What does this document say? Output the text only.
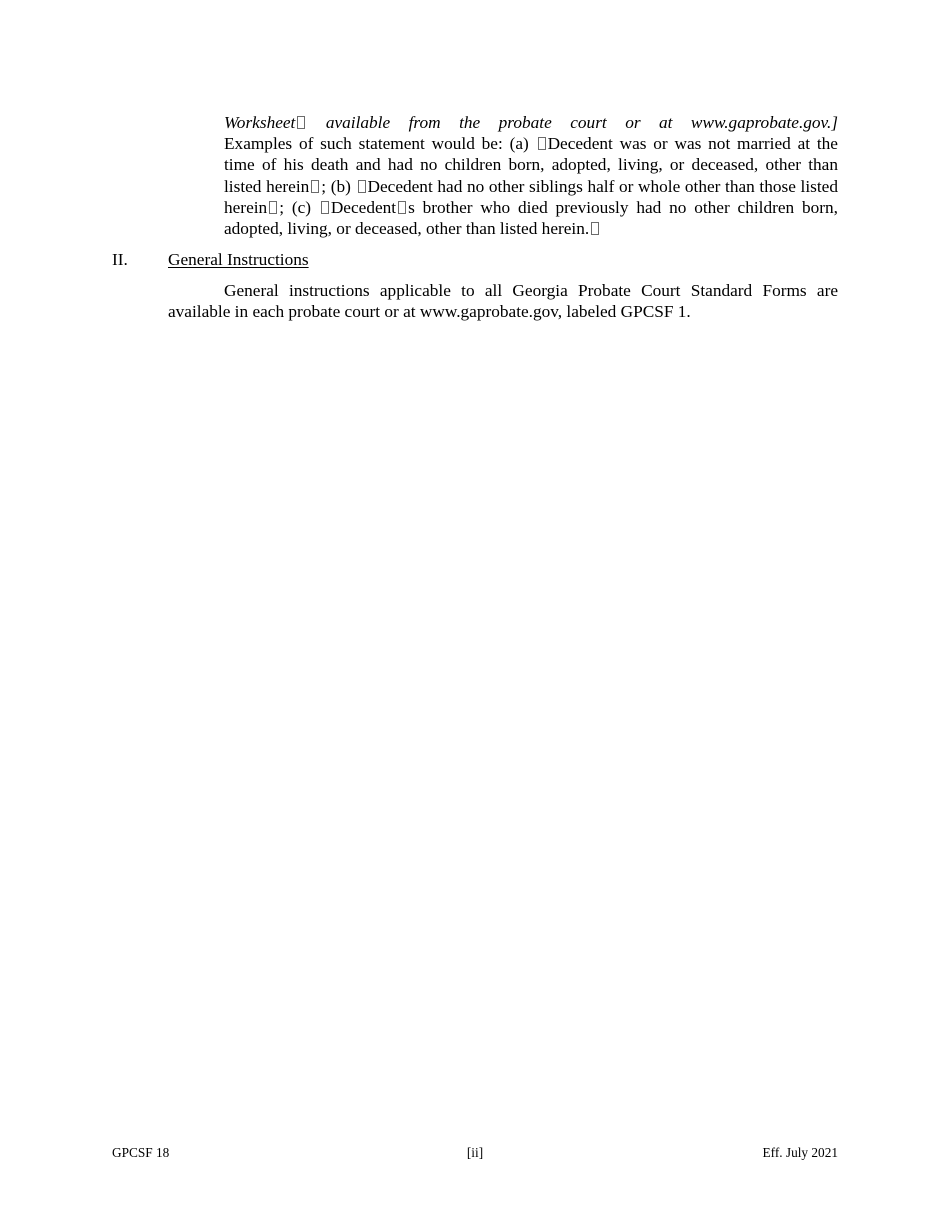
Worksheet available from the probate court or at www.gaprobate.gov.]
Examples of such statement would be: (a) Decedent was or was not married at the time of his death and had no children born, adopted, living, or deceased, other than listed herein ; (b) Decedent had no other siblings half or whole other than those listed herein ; (c) Decedent s brother who died previously had no other children born, adopted, living, or deceased, other than listed herein.
II. General Instructions
General instructions applicable to all Georgia Probate Court Standard Forms are available in each probate court or at www.gaprobate.gov, labeled GPCSF 1.
GPCSF 18	[ii]	Eff. July 2021
